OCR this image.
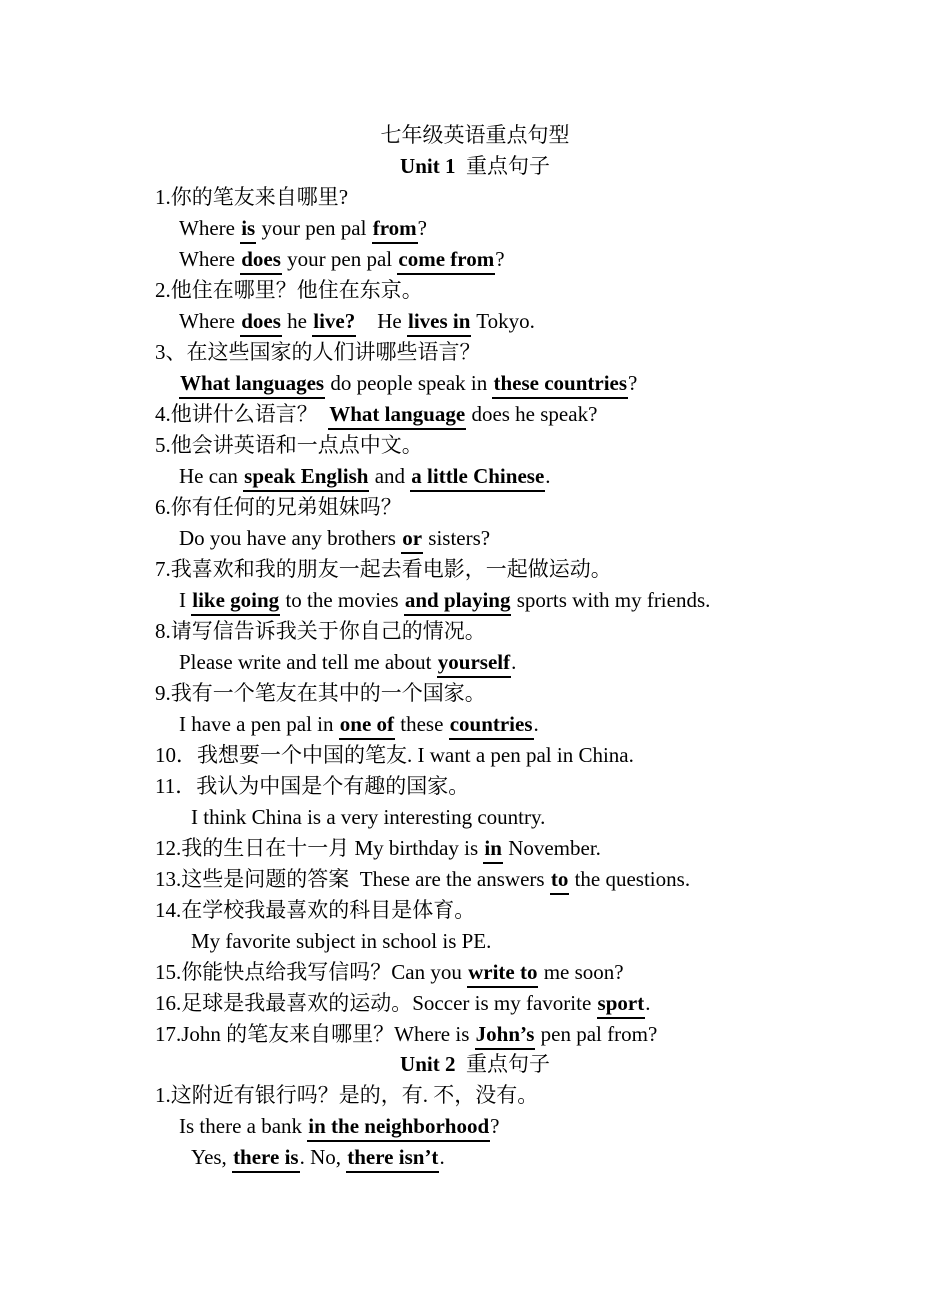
七年级英语重点句型
Unit 1 重点句子
1.你的笔友来自哪里?
Where is your pen pal from?
Where does your pen pal come from?
2.他住在哪里？他住在东京。
Where does he live?    He lives in Tokyo.
3、在这些国家的人们讲哪些语言？
What languages do people speak in these countries?
4.他讲什么语言？  What language does he speak?
5.他会讲英语和一点点中文。
He can speak English and a little Chinese.
6.你有任何的兄弟姐妹吗？
Do you have any brothers or sisters?
7.我喜欢和我的朋友一起去看电影，一起做运动。
I like going to the movies and playing sports with my friends.
8.请写信告诉我关于你自己的情况。
Please write and tell me about yourself.
9.我有一个笔友在其中的一个国家。
I have a pen pal in one of these countries.
10．我想要一个中国的笔友. I want a pen pal in China.
11．我认为中国是个有趣的国家。
I think China is a very interesting country.
12.我的生日在十一月 My birthday is in November.
13.这些是问题的答案  These are the answers to the questions.
14.在学校我最喜欢的科目是体育。
My favorite subject in school is PE.
15.你能快点给我写信吗？Can you write to me soon?
16.足球是我最喜欢的运动。Soccer is my favorite sport.
17.John 的笔友来自哪里？Where is John’s pen pal from?
Unit 2 重点句子
1.这附近有银行吗？是的，有. 不，没有。
Is there a bank in the neighborhood?
Yes, there is. No, there isn’t.
